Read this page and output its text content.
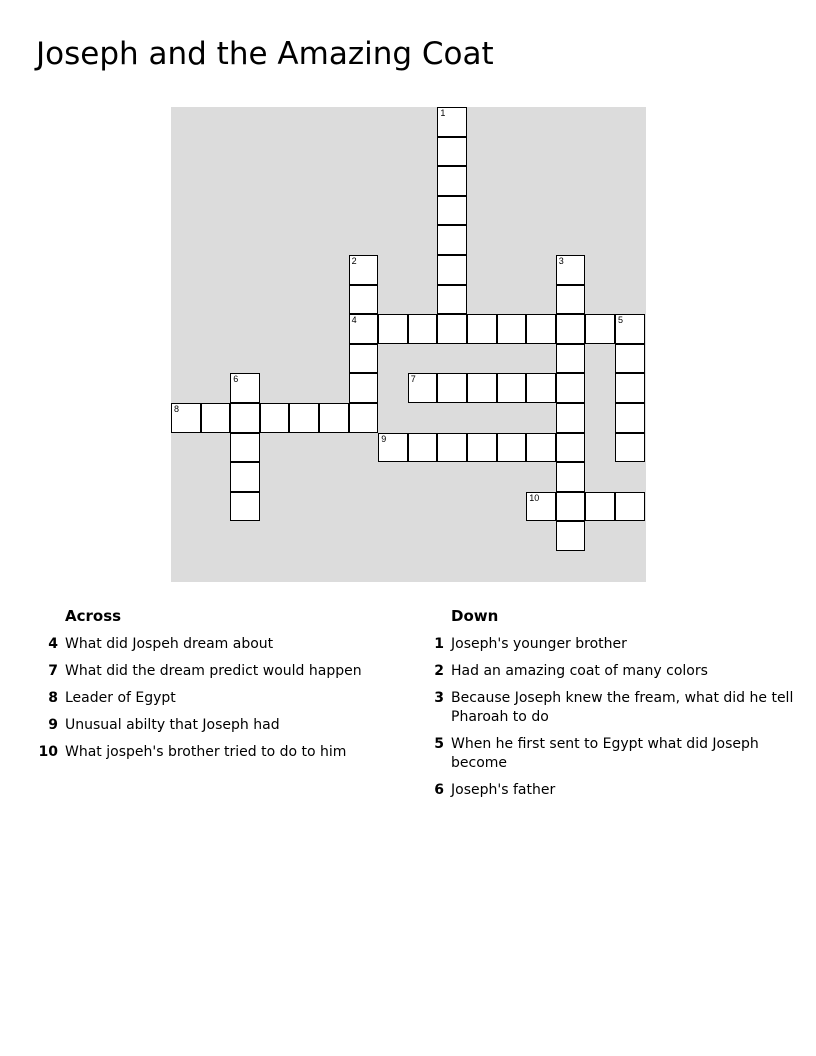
Joseph and the Amazing Coat
1
2	3
4	5
6	7
8
9
10
Across
4 What did Jospeh dream about
7 What did the dream predict would happen
8 Leader of Egypt
9 Unusual abilty that Joseph had
10 What jospeh's brother tried to do to him
Down
1 Joseph's younger brother
2 Had an amazing coat of many colors
3 Because Joseph knew the fream, what did he tell Pharoah to do
5 When he first sent to Egypt what did Joseph become
6 Joseph's father
